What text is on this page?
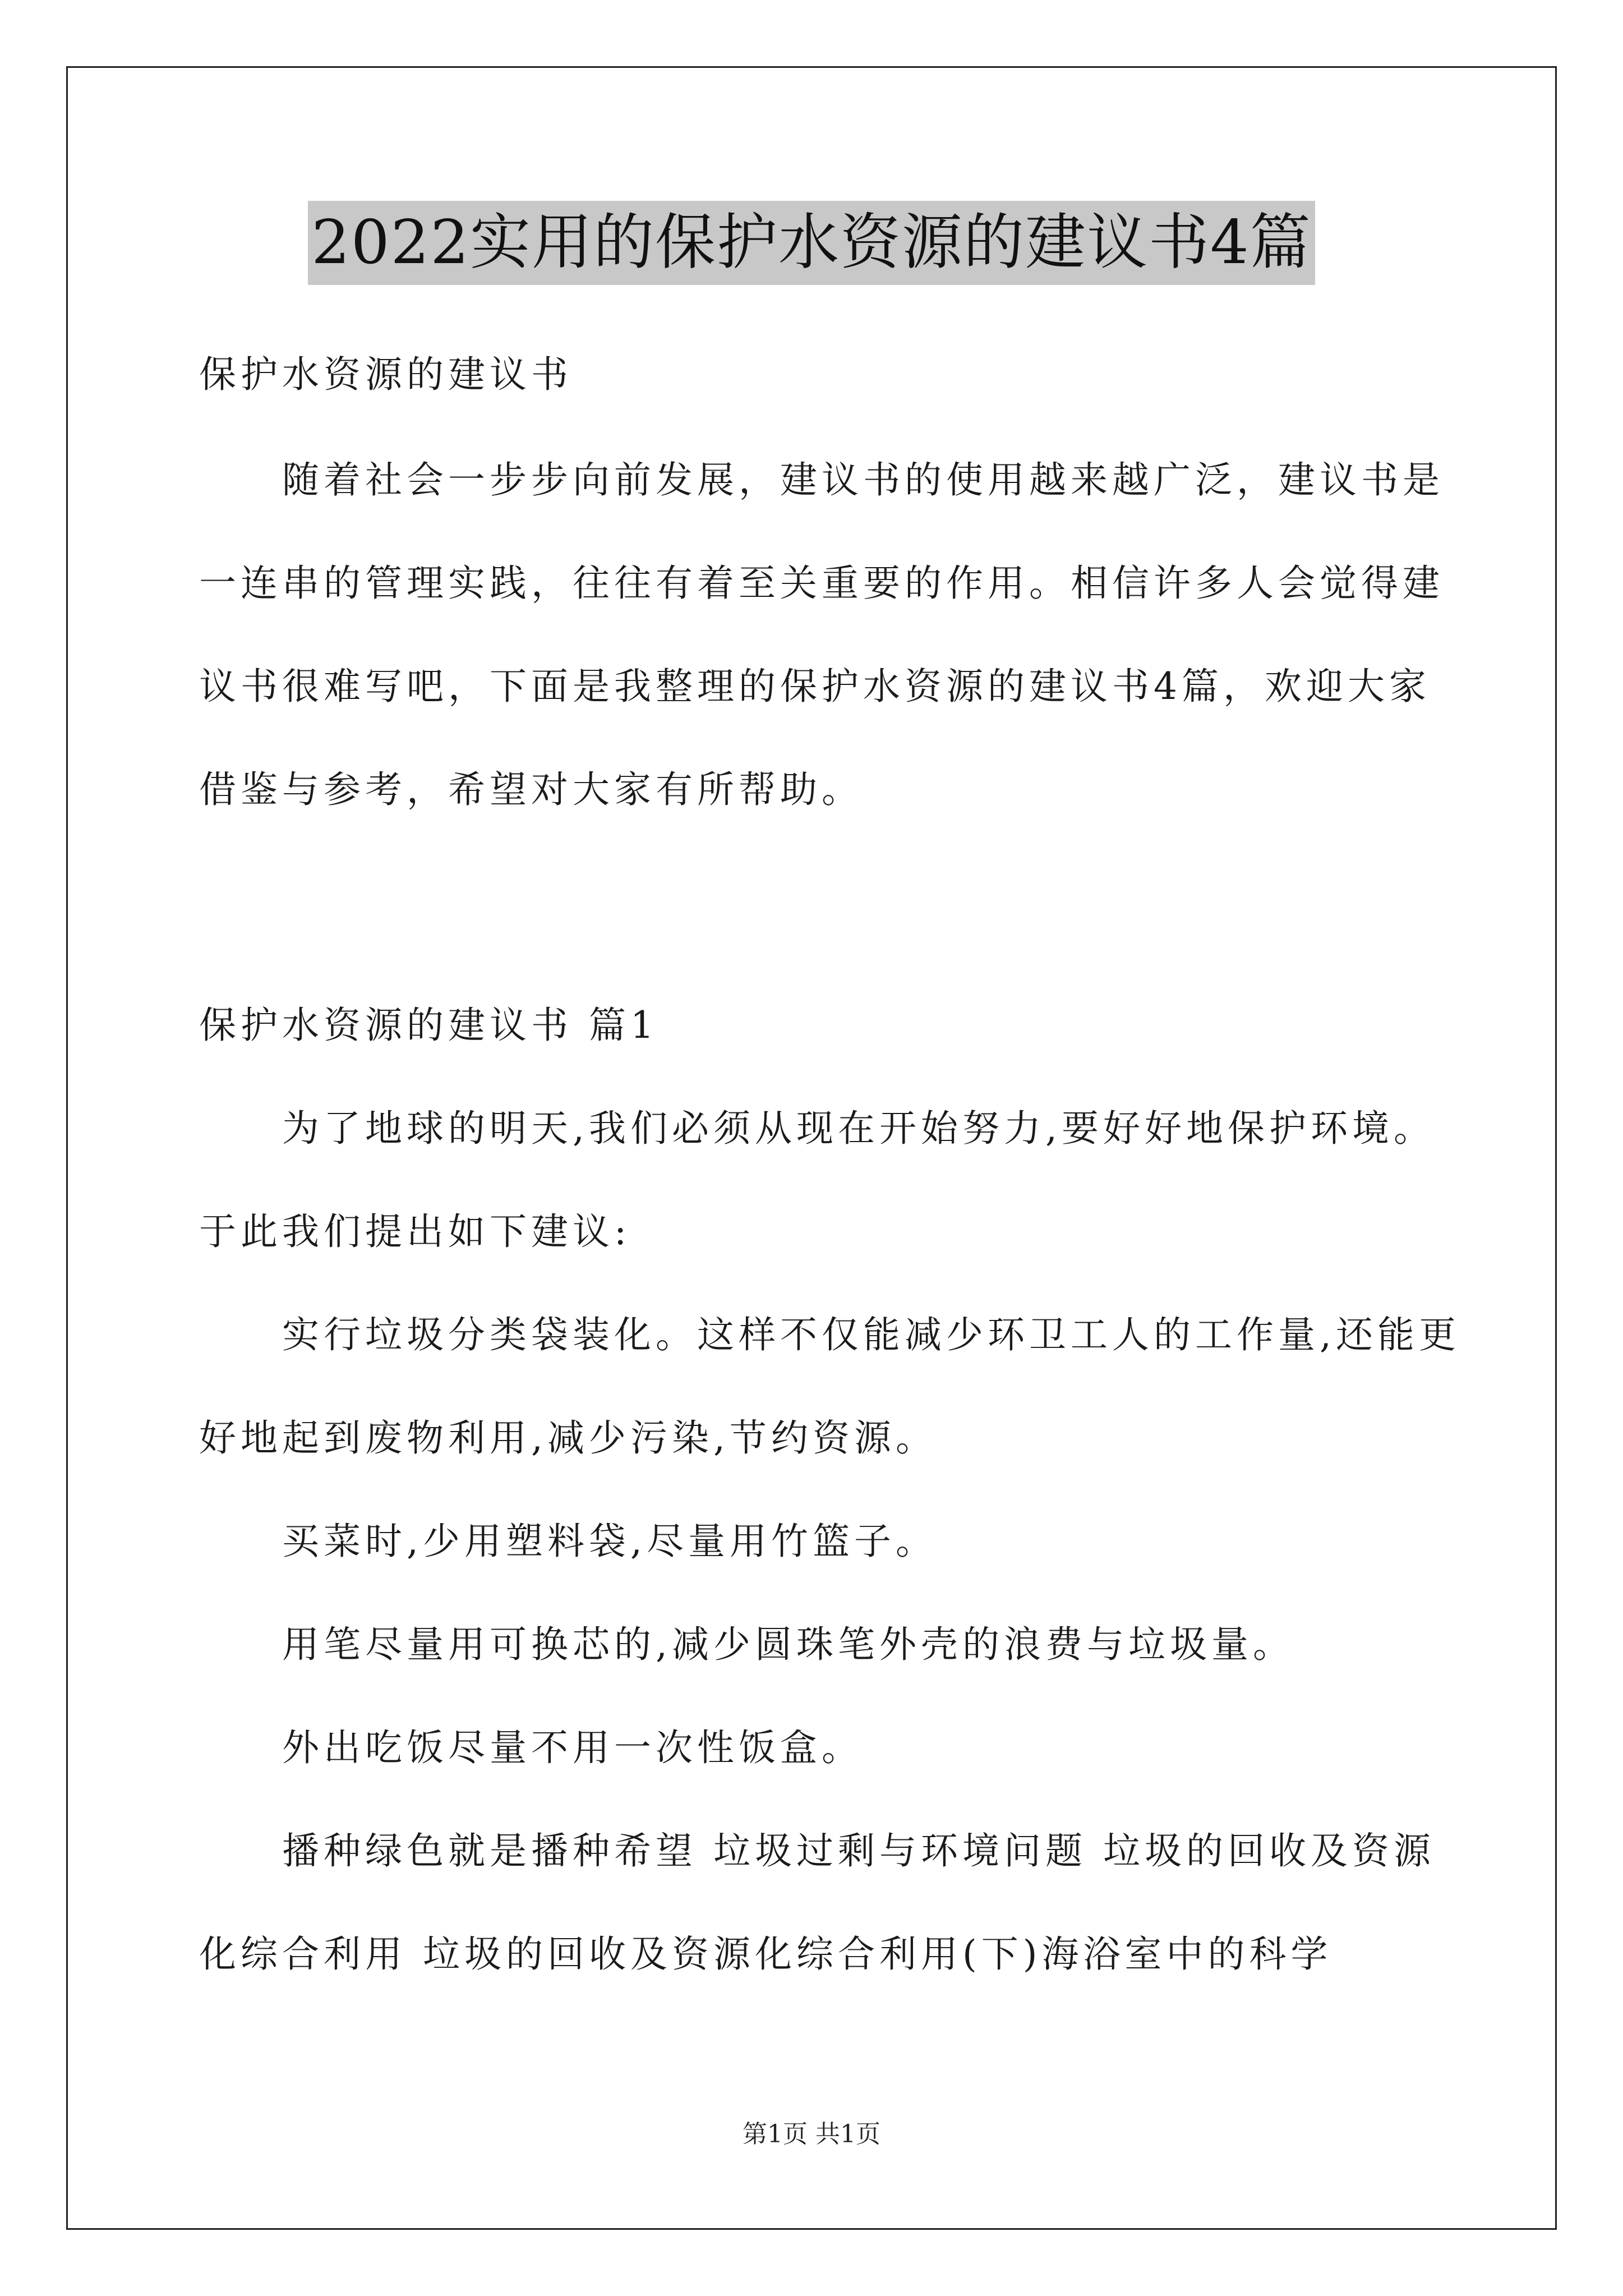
2022实用的保护水资源的建议书4篇
保护水资源的建议书
随着社会一步步向前发展，建议书的使用越来越广泛，建议书是
一连串的管理实践，往往有着至关重要的作用。相信许多人会觉得建
议书很难写吧，下面是我整理的保护水资源的建议书4篇，欢迎大家
借鉴与参考，希望对大家有所帮助。
保护水资源的建议书 篇1
为了地球的明天,我们必须从现在开始努力,要好好地保护环境。
于此我们提出如下建议:
实行垃圾分类袋装化。这样不仅能减少环卫工人的工作量,还能更
好地起到废物利用,减少污染,节约资源。
买菜时,少用塑料袋,尽量用竹篮子。
用笔尽量用可换芯的,减少圆珠笔外壳的浪费与垃圾量。
外出吃饭尽量不用一次性饭盒。
播种绿色就是播种希望 垃圾过剩与环境问题 垃圾的回收及资源
化综合利用 垃圾的回收及资源化综合利用(下)海浴室中的科学
第1页 共1页
